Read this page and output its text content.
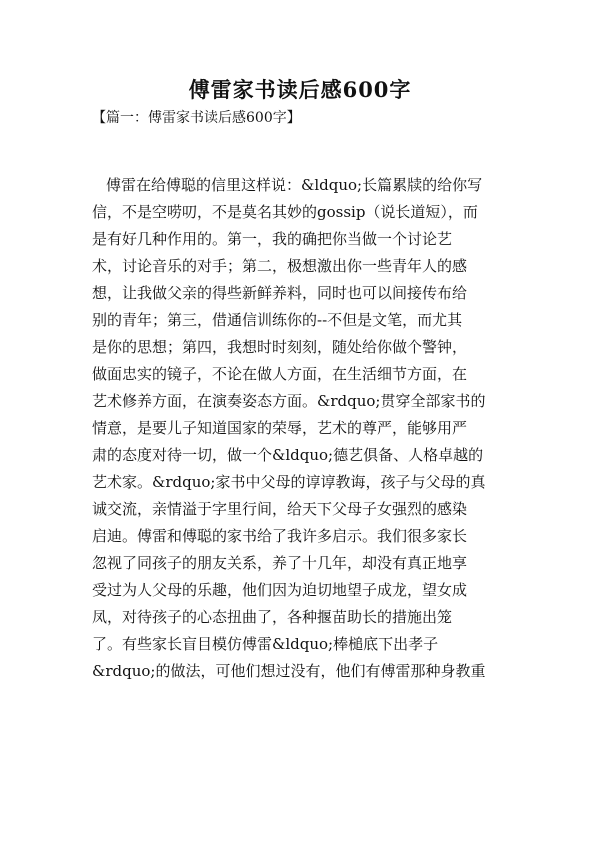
傅雷家书读后感600字
【篇一：傅雷家书读后感600字】
傅雷在给傅聪的信里这样说：&ldquo;长篇累牍的给你写
信，不是空唠叨，不是莫名其妙的gossip（说长道短），而
是有好几种作用的。第一，我的确把你当做一个讨论艺
术，讨论音乐的对手；第二，极想激出你一些青年人的感
想，让我做父亲的得些新鲜养料，同时也可以间接传布给
别的青年；第三，借通信训练你的--不但是文笔，而尤其
是你的思想；第四，我想时时刻刻，随处给你做个警钟，
做面忠实的镜子，不论在做人方面，在生活细节方面，在
艺术修养方面，在演奏姿态方面。&rdquo;贯穿全部家书的
情意，是要儿子知道国家的荣辱，艺术的尊严，能够用严
肃的态度对待一切，做一个&ldquo;德艺俱备、人格卓越的
艺术家。&rdquo;家书中父母的谆谆教诲，孩子与父母的真
诚交流，亲情溢于字里行间，给天下父母子女强烈的感染
启迪。傅雷和傅聪的家书给了我许多启示。我们很多家长
忽视了同孩子的朋友关系，养了十几年，却没有真正地享
受过为人父母的乐趣，他们因为迫切地望子成龙，望女成
凤，对待孩子的心态扭曲了，各种揠苗助长的措施出笼
了。有些家长盲目模仿傅雷&ldquo;棒槌底下出孝子
&rdquo;的做法，可他们想过没有，他们有傅雷那种身教重
